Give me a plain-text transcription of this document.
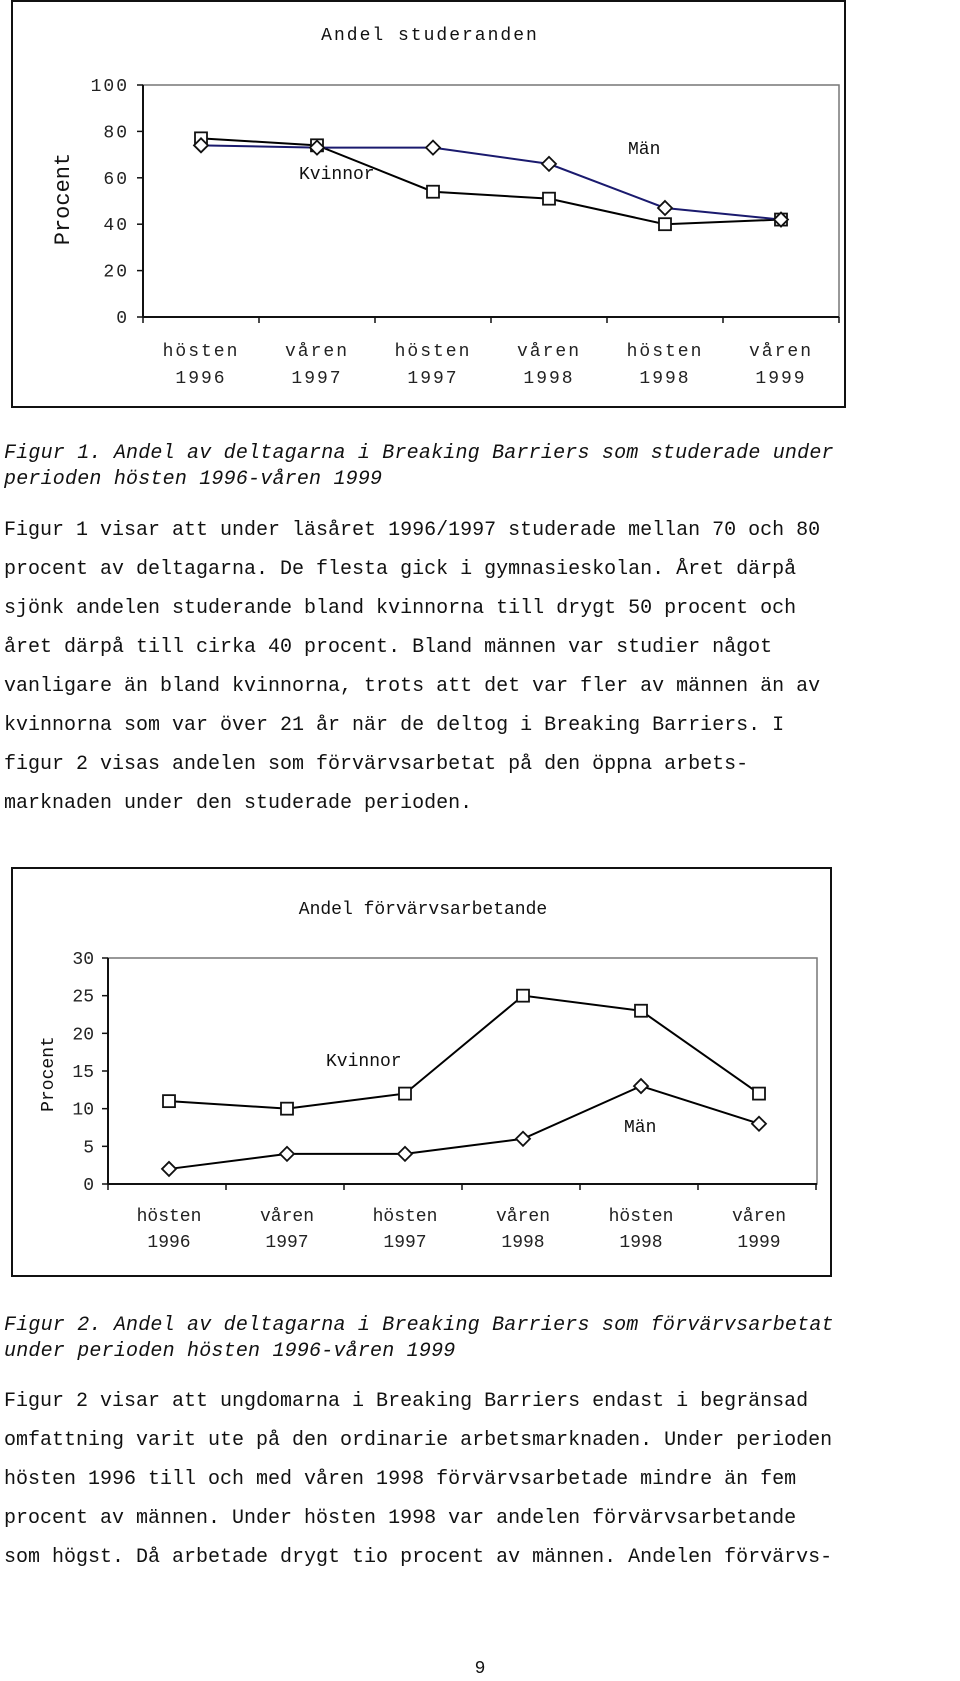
Andel studeranden
Procent
0
20
40
60
80
100
hösten
1996
våren
1997
hösten
1997
våren
1998
hösten
1998
våren
1999
Kvinnor
Män
Figur 1. Andel av deltagarna i Breaking Barriers som studerade under
perioden hösten 1996-våren 1999
Figur 1 visar att under läsåret 1996/1997 studerade mellan 70 och 80
procent av deltagarna. De flesta gick i gymnasieskolan. Året därpå
sjönk andelen studerande bland kvinnorna till drygt 50 procent och
året därpå till cirka 40 procent. Bland männen var studier något
vanligare än bland kvinnorna, trots att det var fler av männen än av
kvinnorna som var över 21 år när de deltog i Breaking Barriers. I
figur 2 visas andelen som förvärvsarbetat på den öppna arbets-
marknaden under den studerade perioden.
Andel förvärvsarbetande
Procent
0
5
10
15
20
25
30
hösten
1996
våren
1997
hösten
1997
våren
1998
hösten
1998
våren
1999
Kvinnor
Män
Figur 2. Andel av deltagarna i Breaking Barriers som förvärvsarbetat
under perioden hösten 1996-våren 1999
Figur 2 visar att ungdomarna i Breaking Barriers endast i begränsad
omfattning varit ute på den ordinarie arbetsmarknaden. Under perioden
hösten 1996 till och med våren 1998 förvärvsarbetade mindre än fem
procent av männen. Under hösten 1998 var andelen förvärvsarbetande
som högst. Då arbetade drygt tio procent av männen. Andelen förvärvs-
9
